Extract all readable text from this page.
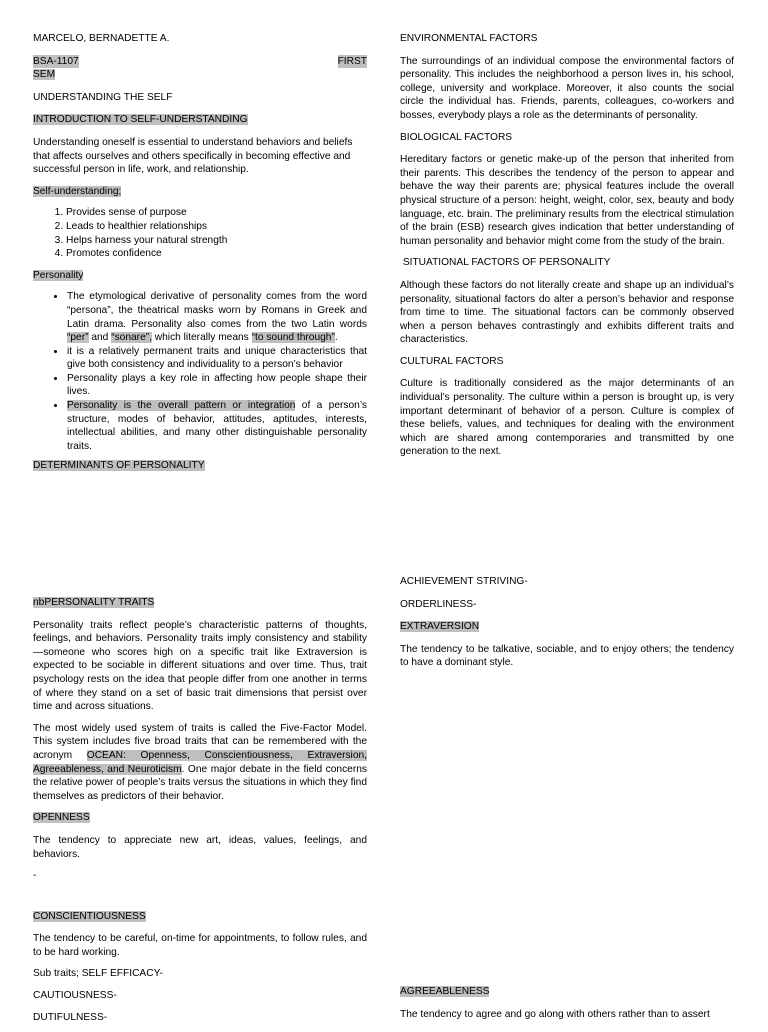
MARCELO, BERNADETTE A.

BSA-1107	FIRST
SEM

UNDERSTANDING THE SELF

INTRODUCTION TO SELF-UNDERSTANDING

Understanding oneself is essential to understand behaviors and beliefs that affects ourselves and others specifically in becoming effective and successful person in life, work, and relationship.

Self-understanding;

1. Provides sense of purpose
2. Leads to healthier relationships
3. Helps harness your natural strength
4. Promotes confidence

Personality

• The etymological derivative of personality comes from the word “persona”, the theatrical masks worn by Romans in Greek and Latin drama. Personality also comes from the two Latin words “per” and “sonare”, which literally means “to sound through”.
• it is a relatively permanent traits and unique characteristics that give both consistency and individuality to a person’s behavior
• Personality plays a key role in affecting how people shape their lives.
• Personality is the overall pattern or integration of a person’s structure, modes of behavior, attitudes, aptitudes, interests, intellectual abilities, and many other distinguishable personality traits.

DETERMINANTS OF PERSONALITY

ENVIRONMENTAL FACTORS

The surroundings of an individual compose the environmental factors of personality. This includes the neighborhood a person lives in, his school, college, university and workplace. Moreover, it also counts the social circle the individual has. Friends, parents, colleagues, co-workers and bosses, everybody plays a role as the determinants of personality.

BIOLOGICAL FACTORS

Hereditary factors or genetic make-up of the person that inherited from their parents. This describes the tendency of the person to appear and behave the way their parents are; physical features include the overall physical structure of a person: height, weight, color, sex, beauty and body language, etc. brain. The preliminary results from the electrical stimulation of the brain (ESB) research gives indication that better understanding of human personality and behavior might come from the study of the brain.

SITUATIONAL FACTORS OF PERSONALITY

Although these factors do not literally create and shape up an individual’s personality, situational factors do alter a person’s behavior and response from time to time. The situational factors can be commonly observed when a person behaves contrastingly and exhibits different traits and characteristics.

CULTURAL FACTORS

Culture is traditionally considered as the major determinants of an individual’s personality. The culture within a person is brought up, is very important determinant of behavior of a person. Culture is complex of these beliefs, values, and techniques for dealing with the environment which are shared among contemporaries and transmitted by one generation to the next.

nbPERSONALITY TRAITS

Personality traits reflect people’s characteristic patterns of thoughts, feelings, and behaviors. Personality traits imply consistency and stability—someone who scores high on a specific trait like Extraversion is expected to be sociable in different situations and over time. Thus, trait psychology rests on the idea that people differ from one another in terms of where they stand on a set of basic trait dimensions that persist over time and across situations.

The most widely used system of traits is called the Five-Factor Model. This system includes five broad traits that can be remembered with the acronym OCEAN: Openness, Conscientiousness, Extraversion, Agreeableness, and Neuroticism. One major debate in the field concerns the relative power of people’s traits versus the situations in which they find themselves as predictors of their behavior.

OPENNESS

The tendency to appreciate new art, ideas, values, feelings, and behaviors.

-

CONSCIENTIOUSNESS

The tendency to be careful, on-time for appointments, to follow rules, and to be hard working.

Sub traits; SELF EFFICACY-

CAUTIOUSNESS-

DUTIFULNESS-

ACHIEVEMENT STRIVING-

ORDERLINESS-

EXTRAVERSION

The tendency to be talkative, sociable, and to enjoy others; the tendency to have a dominant style.

AGREEABLENESS

The tendency to agree and go along with others rather than to assert
